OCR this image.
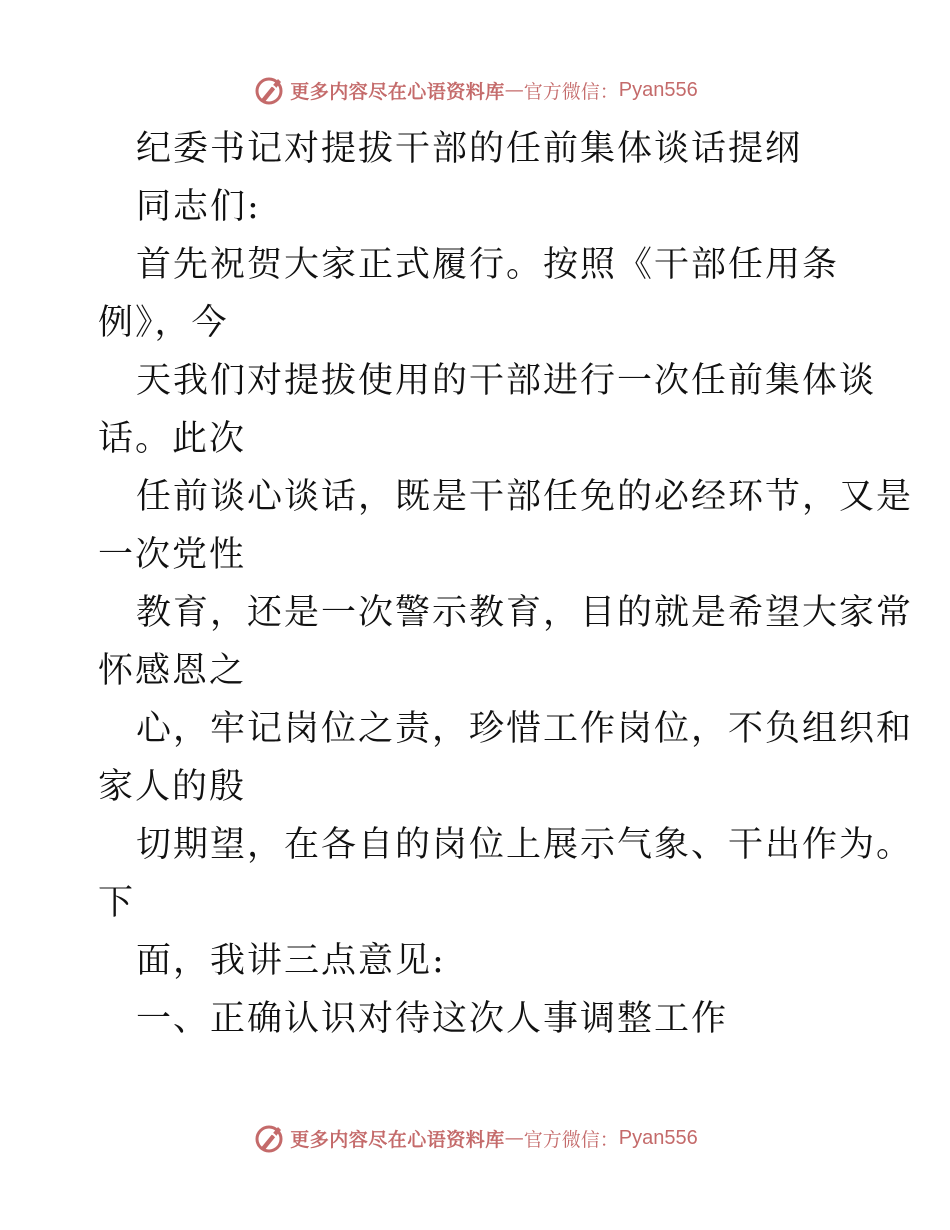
更多内容尽在心语资料库 — 官方微信： Pyan556
纪委书记对提拔干部的任前集体谈话提纲
同志们:
首先祝贺大家正式履行。按照《干部任用条
例》，今
天我们对提拔使用的干部进行一次任前集体谈
话。此次
任前谈心谈话，既是干部任免的必经环节，又是
一次党性
教育，还是一次警示教育，目的就是希望大家常
怀感恩之
心，牢记岗位之责，珍惜工作岗位，不负组织和
家人的殷
切期望，在各自的岗位上展示气象、干出作为。
下
面，我讲三点意见:
一、正确认识对待这次人事调整工作
更多内容尽在心语资料库 — 官方微信： Pyan556
